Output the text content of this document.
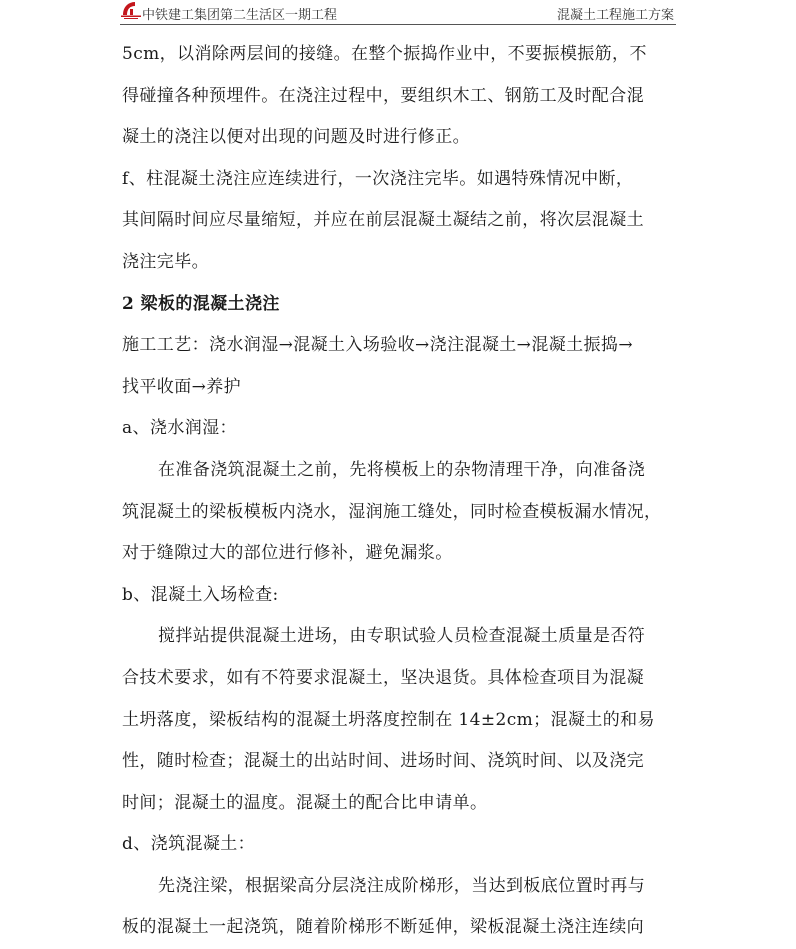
中铁建工集团第二生活区一期工程	混凝土工程施工方案
5cm，以消除两层间的接缝。在整个振捣作业中，不要振模振筋，不
得碰撞各种预埋件。在浇注过程中，要组织木工、钢筋工及时配合混
凝土的浇注以便对出现的问题及时进行修正。
f、柱混凝土浇注应连续进行，一次浇注完毕。如遇特殊情况中断，
其间隔时间应尽量缩短，并应在前层混凝土凝结之前，将次层混凝土
浇注完毕。
2 梁板的混凝土浇注
施工工艺：浇水润湿→混凝土入场验收→浇注混凝土→混凝土振捣→
找平收面→养护
a、浇水润湿：
在准备浇筑混凝土之前，先将模板上的杂物清理干净，向准备浇
筑混凝土的梁板模板内浇水，湿润施工缝处，同时检查模板漏水情况，
对于缝隙过大的部位进行修补，避免漏浆。
b、混凝土入场检查:
搅拌站提供混凝土进场，由专职试验人员检查混凝土质量是否符
合技术要求，如有不符要求混凝土，坚决退货。具体检查项目为混凝
土坍落度，梁板结构的混凝土坍落度控制在 14±2cm；混凝土的和易
性，随时检查；混凝土的出站时间、进场时间、浇筑时间、以及浇完
时间；混凝土的温度。混凝土的配合比申请单。
d、浇筑混凝土：
先浇注梁，根据梁高分层浇注成阶梯形，当达到板底位置时再与
板的混凝土一起浇筑，随着阶梯形不断延伸，梁板混凝土浇注连续向
